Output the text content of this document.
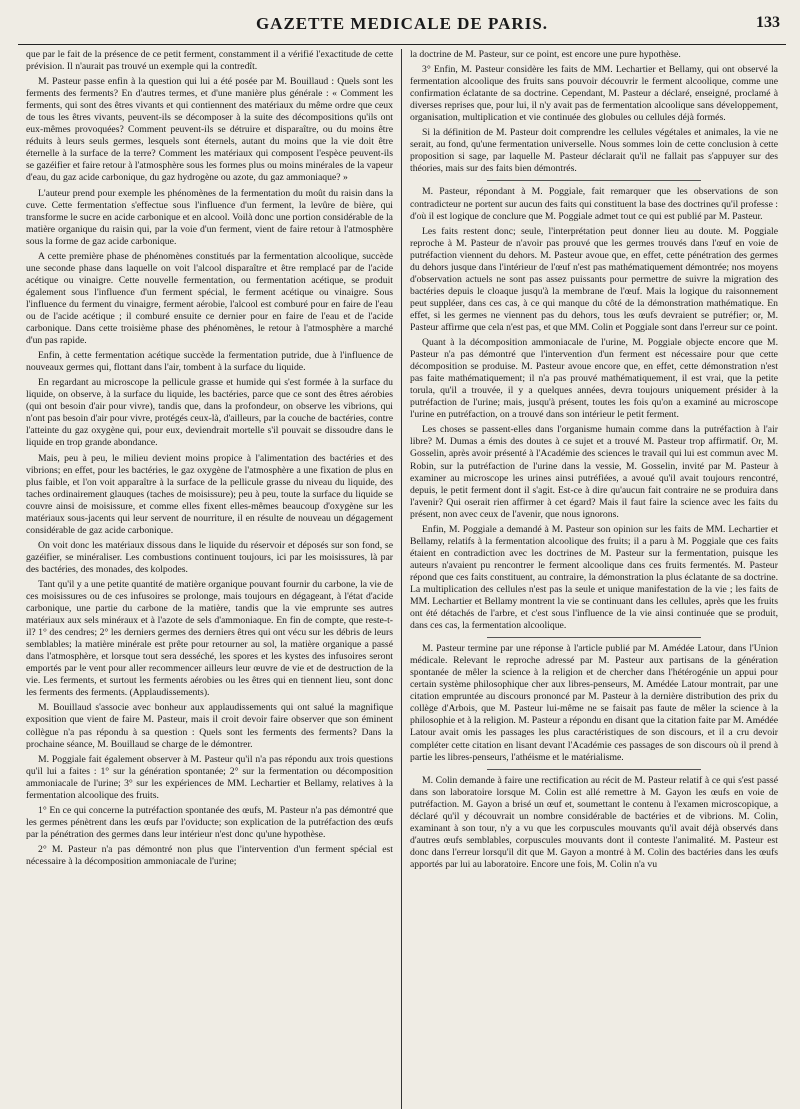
GAZETTE MEDICALE DE PARIS.	133

que par le fait de la présence de ce petit ferment, constamment il a vérifié l'exactitude de cette prévision. Il n'aurait pas trouvé un exemple qui la contredît.

M. Pasteur passe enfin à la question qui lui a été posée par M. Bouillaud : Quels sont les ferments des ferments? En d'autres termes, et d'une manière plus générale : « Comment les ferments, qui sont des êtres vivants et qui contiennent des matériaux du même ordre que ceux de tous les êtres vivants, peuvent-ils se décomposer à la suite des décompositions qu'ils ont eux-mêmes provoquées? Comment peuvent-ils se détruire et disparaître, ou du moins être réduits à leurs seuls germes, lesquels sont éternels, autant du moins que la vie doit être éternelle à la surface de la terre? Comment les matériaux qui composent l'espèce peuvent-ils se gazéifier et faire retour à l'atmosphère sous les formes plus ou moins minérales de la vapeur d'eau, du gaz acide carbonique, du gaz hydrogène ou azote, du gaz ammoniaque? »

L'auteur prend pour exemple les phénomènes de la fermentation du moût du raisin dans la cuve. Cette fermentation s'effectue sous l'influence d'un ferment, la levûre de bière, qui transforme le sucre en acide carbonique et en alcool. Voilà donc une portion considérable de la matière organique du raisin qui, par la voie d'un ferment, vient de faire retour à l'atmosphère sous la forme de gaz acide carbonique.

A cette première phase de phénomènes constitués par la fermentation alcoolique, succède une seconde phase dans laquelle on voit l'alcool disparaître et être remplacé par de l'acide acétique ou vinaigre. Cette nouvelle fermentation, ou fermentation acétique, se produit également sous l'influence d'un ferment spécial, le ferment acétique ou vinaigre. Sous l'influence du ferment du vinaigre, ferment aérobie, l'alcool est comburé pour en faire de l'eau ou de l'acide acétique ; il comburé ensuite ce dernier pour en faire de l'eau et de l'acide carbonique. Dans cette troisième phase des phénomènes, le retour à l'atmosphère a marché d'un pas rapide.

Enfin, à cette fermentation acétique succède la fermentation putride, due à l'influence de nouveaux germes qui, flottant dans l'air, tombent à la surface du liquide.

En regardant au microscope la pellicule grasse et humide qui s'est formée à la surface du liquide, on observe, à la surface du liquide, les bactéries, parce que ce sont des êtres aérobies (qui ont besoin d'air pour vivre), tandis que, dans la profondeur, on observe les vibrions, qui n'ont pas besoin d'air pour vivre, protégés ceux-là, d'ailleurs, par la couche de bactéries, contre l'atteinte du gaz oxygène qui, pour eux, deviendrait mortelle s'il pouvait se dissoudre dans le liquide en trop grande abondance.

Mais, peu à peu, le milieu devient moins propice à l'alimentation des bactéries et des vibrions; en effet, pour les bactéries, le gaz oxygène de l'atmosphère a une fixation de plus en plus faible, et l'on voit apparaître à la surface de la pellicule grasse du niveau du liquide, des taches ordinairement glauques (taches de moisissure); peu à peu, toute la surface du liquide se couvre ainsi de moisissure, et comme elles fixent elles-mêmes beaucoup d'oxygène sur les matériaux sous-jacents qui leur servent de nourriture, il en résulte de nouveau un dégagement considérable de gaz acide carbonique.

On voit donc les matériaux dissous dans le liquide du réservoir et déposés sur son fond, se gazéifier, se minéraliser. Les combustions continuent toujours, ici par les moisissures, là par des bactéries, des monades, des kolpodes.

Tant qu'il y a une petite quantité de matière organique pouvant fournir du carbone, la vie de ces moisissures ou de ces infusoires se prolonge, mais toujours en dégageant, à l'état d'acide carbonique, une partie du carbone de la matière, tandis que la vie emprunte ses autres matériaux aux sels minéraux et à l'azote de sels d'ammoniaque. En fin de compte, que reste-t-il? 1° des cendres; 2° les derniers germes des derniers êtres qui ont vécu sur les débris de leurs semblables; la matière minérale est prête pour retourner au sol, la matière organique a passé dans l'atmosphère, et lorsque tout sera desséché, les spores et les kystes des infusoires seront emportés par le vent pour aller recommencer ailleurs leur œuvre de vie et de destruction de la vie. Les ferments, et surtout les ferments aérobies ou les êtres qui en tiennent lieu, sont donc les ferments des ferments. (Applaudissements).

M. Bouillaud s'associe avec bonheur aux applaudissements qui ont salué la magnifique exposition que vient de faire M. Pasteur, mais il croit devoir faire observer que son éminent collègue n'a pas répondu à sa question : Quels sont les ferments des ferments? Dans la prochaine séance, M. Bouillaud se charge de le démontrer.

M. Poggiale fait également observer à M. Pasteur qu'il n'a pas répondu aux trois questions qu'il lui a faites : 1° sur la génération spontanée; 2° sur la fermentation ou décomposition ammoniacale de l'urine; 3° sur les expériences de MM. Lechartier et Bellamy, relatives à la fermentation alcoolique des fruits.

1° En ce qui concerne la putréfaction spontanée des œufs, M. Pasteur n'a pas démontré que les germes pénètrent dans les œufs par l'oviducte; son explication de la putréfaction des œufs par la pénétration des germes dans leur intérieur n'est donc qu'une hypothèse.

2° M. Pasteur n'a pas démontré non plus que l'intervention d'un ferment spécial est nécessaire à la décomposition ammoniacale de l'urine;

la doctrine de M. Pasteur, sur ce point, est encore une pure hypothèse.

3° Enfin, M. Pasteur considère les faits de MM. Lechartier et Bellamy, qui ont observé la fermentation alcoolique des fruits sans pouvoir découvrir le ferment alcoolique, comme une confirmation éclatante de sa doctrine. Cependant, M. Pasteur a déclaré, enseigné, proclamé à diverses reprises que, pour lui, il n'y avait pas de fermentation alcoolique sans développement, organisation, multiplication et vie continuée des globules ou cellules déjà formés.

Si la définition de M. Pasteur doit comprendre les cellules végétales et animales, la vie ne serait, au fond, qu'une fermentation universelle. Nous sommes loin de cette conclusion à cette proposition si sage, par laquelle M. Pasteur déclarait qu'il ne fallait pas s'appuyer sur des théories, mais sur des faits bien démontrés.

M. Pasteur, répondant à M. Poggiale, fait remarquer que les observations de son contradicteur ne portent sur aucun des faits qui constituent la base des doctrines qu'il professe : d'où il est logique de conclure que M. Poggiale admet tout ce qui est publié par M. Pasteur.

Les faits restent donc; seule, l'interprétation peut donner lieu au doute. M. Poggiale reproche à M. Pasteur de n'avoir pas prouvé que les germes trouvés dans l'œuf en voie de putréfaction viennent du dehors. M. Pasteur avoue que, en effet, cette pénétration des germes du dehors jusque dans l'intérieur de l'œuf n'est pas mathématiquement démontrée; nos moyens d'observation actuels ne sont pas assez puissants pour permettre de suivre la migration des bactéries depuis le cloaque jusqu'à la membrane de l'œuf. Mais la logique du raisonnement peut suppléer, dans ces cas, à ce qui manque du côté de la démonstration mathématique. En effet, si les germes ne viennent pas du dehors, tous les œufs devraient se putréfier; or, M. Pasteur affirme que cela n'est pas, et que MM. Colin et Poggiale sont dans l'erreur sur ce point.

Quant à la décomposition ammoniacale de l'urine, M. Poggiale objecte encore que M. Pasteur n'a pas démontré que l'intervention d'un ferment est nécessaire pour que cette décomposition se produise. M. Pasteur avoue encore que, en effet, cette démonstration n'est pas faite mathématiquement; il n'a pas prouvé mathématiquement, il est vrai, que la petite torula, qu'il a trouvée, il y a quelques années, devra toujours uniquement présider à la putréfaction de l'urine; mais, jusqu'à présent, toutes les fois qu'on a examiné au microscope l'urine en putréfaction, on a trouvé dans son intérieur le petit ferment.

Les choses se passent-elles dans l'organisme humain comme dans la putréfaction à l'air libre? M. Dumas a émis des doutes à ce sujet et a trouvé M. Pasteur trop affirmatif. Or, M. Gosselin, après avoir présenté à l'Académie des sciences le travail qui lui est commun avec M. Robin, sur la putréfaction de l'urine dans la vessie, M. Gosselin, invité par M. Pasteur à examiner au microscope les urines ainsi putréfiées, a avoué qu'il avait toujours rencontré, depuis, le petit ferment dont il s'agit. Est-ce à dire qu'aucun fait contraire ne se produira dans l'avenir? Qui oserait rien affirmer à cet égard? Mais il faut faire la science avec les faits du présent, non avec ceux de l'avenir, que nous ignorons.

Enfin, M. Poggiale a demandé à M. Pasteur son opinion sur les faits de MM. Lechartier et Bellamy, relatifs à la fermentation alcoolique des fruits; il a paru à M. Poggiale que ces faits étaient en contradiction avec les doctrines de M. Pasteur sur la fermentation, puisque les auteurs n'avaient pu rencontrer le ferment alcoolique dans ces fruits fermentés. M. Pasteur répond que ces faits constituent, au contraire, la démonstration la plus éclatante de sa doctrine. La multiplication des cellules n'est pas la seule et unique manifestation de la vie ; les faits de MM. Lechartier et Bellamy montrent la vie se continuant dans les cellules, après que les fruits ont été détachés de l'arbre, et c'est sous l'influence de la vie ainsi continuée que se produit, dans ces cas, la fermentation alcoolique.

M. Pasteur termine par une réponse à l'article publié par M. Amédée Latour, dans l'Union médicale. Relevant le reproche adressé par M. Pasteur aux partisans de la génération spontanée de mêler la science à la religion et de chercher dans l'hétérogénie un appui pour certain système philosophique cher aux libres-penseurs, M. Amédée Latour montrait, par une citation empruntée au discours prononcé par M. Pasteur à la dernière distribution des prix du collège d'Arbois, que M. Pasteur lui-même ne se faisait pas faute de mêler la science à la philosophie et à la religion. M. Pasteur a répondu en disant que la citation faite par M. Amédée Latour avait omis les passages les plus caractéristiques de son discours, et il a cru devoir compléter cette citation en lisant devant l'Académie ces passages de son discours où il prend à partie les libres-penseurs, l'athéisme et le matérialisme.

M. Colin demande à faire une rectification au récit de M. Pasteur relatif à ce qui s'est passé dans son laboratoire lorsque M. Colin est allé remettre à M. Gayon les œufs en voie de putréfaction. M. Gayon a brisé un œuf et, soumettant le contenu à l'examen microscopique, a déclaré qu'il y découvrait un nombre considérable de bactéries et de vibrions. M. Colin, examinant à son tour, n'y a vu que les corpuscules mouvants qu'il avait déjà observés dans d'autres œufs semblables, corpuscules mouvants dont il conteste l'animalité. M. Pasteur est donc dans l'erreur lorsqu'il dit que M. Gayon a montré à M. Colin des bactéries dans les œufs apportés par lui au laboratoire. Encore une fois, M. Colin n'a vu
